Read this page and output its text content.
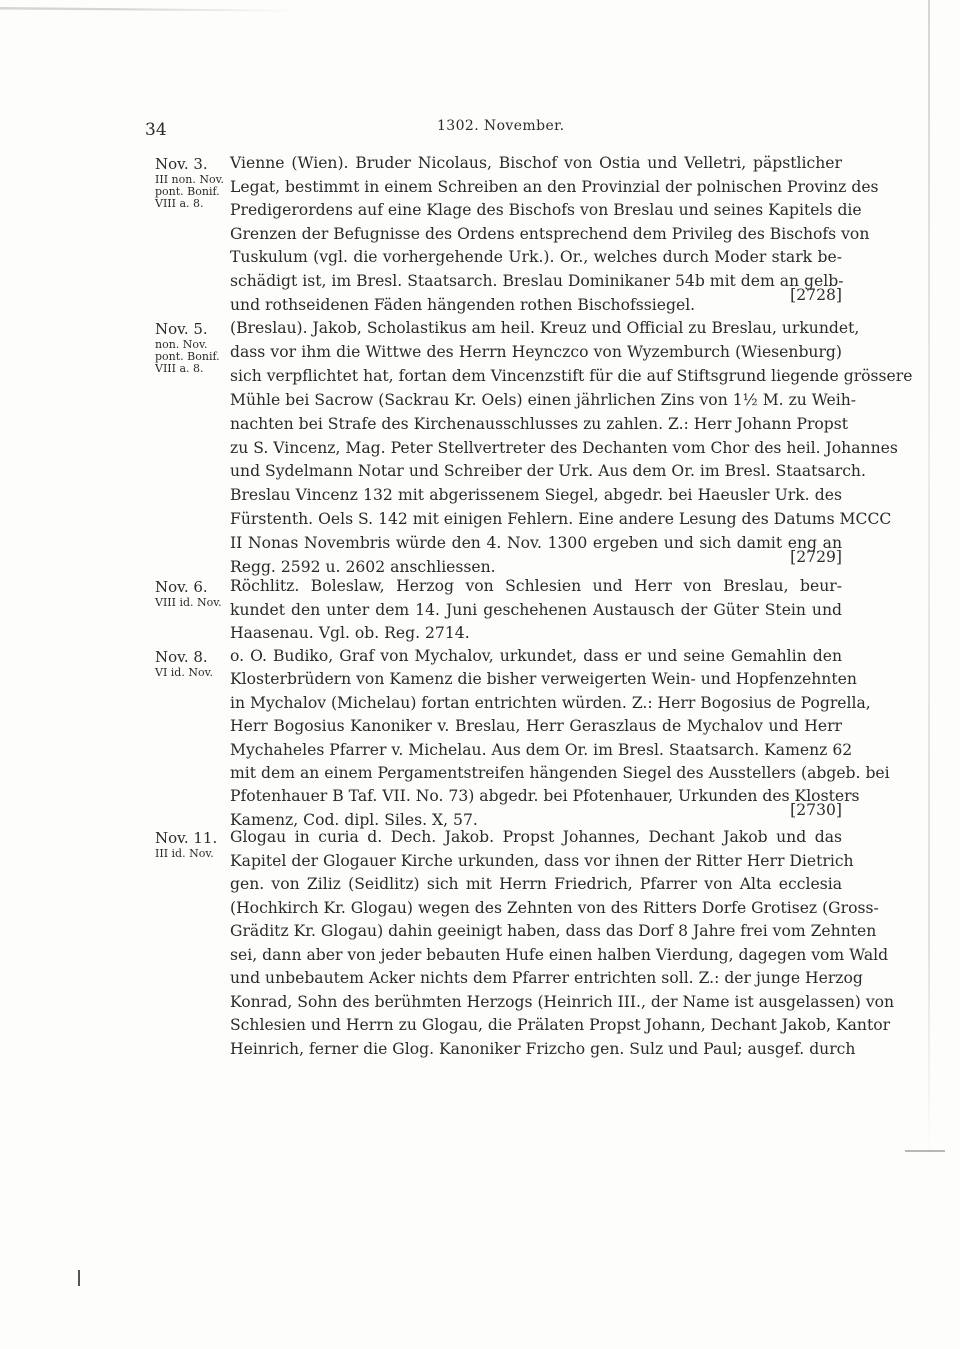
34	1302. November.
Nov. 3.
III non. Nov.
pont. Bonif.
VIII a. 8.
Vienne (Wien). Bruder Nicolaus, Bischof von Ostia und Velletri, päpstlicher
Legat, bestimmt in einem Schreiben an den Provinzial der polnischen Provinz des
Predigerordens auf eine Klage des Bischofs von Breslau und seines Kapitels die
Grenzen der Befugnisse des Ordens entsprechend dem Privileg des Bischofs von
Tuskulum (vgl. die vorhergehende Urk.). Or., welches durch Moder stark be-
schädigt ist, im Bresl. Staatsarch. Breslau Dominikaner 54b mit dem an gelb-
und rothseidenen Fäden hängenden rothen Bischofssiegel.
[2728]
Nov. 5.
non. Nov.
pont. Bonif.
VIII a. 8.
(Breslau). Jakob, Scholastikus am heil. Kreuz und Official zu Breslau, urkundet,
dass vor ihm die Wittwe des Herrn Heynczco von Wyzemburch (Wiesenburg)
sich verpflichtet hat, fortan dem Vincenzstift für die auf Stiftsgrund liegende grössere
Mühle bei Sacrow (Sackrau Kr. Oels) einen jährlichen Zins von 1½ M. zu Weih-
nachten bei Strafe des Kirchenausschlusses zu zahlen. Z.: Herr Johann Propst
zu S. Vincenz, Mag. Peter Stellvertreter des Dechanten vom Chor des heil. Johannes
und Sydelmann Notar und Schreiber der Urk. Aus dem Or. im Bresl. Staatsarch.
Breslau Vincenz 132 mit abgerissenem Siegel, abgedr. bei Haeusler Urk. des
Fürstenth. Oels S. 142 mit einigen Fehlern. Eine andere Lesung des Datums MCCC
II Nonas Novembris würde den 4. Nov. 1300 ergeben und sich damit eng an
Regg. 2592 u. 2602 anschliessen.
[2729]
Nov. 6.
VIII id. Nov.
Röchlitz. Boleslaw, Herzog von Schlesien und Herr von Breslau, beur-
kundet den unter dem 14. Juni geschehenen Austausch der Güter Stein und
Haasenau. Vgl. ob. Reg. 2714.
Nov. 8.
VI id. Nov.
o. O. Budiko, Graf von Mychalov, urkundet, dass er und seine Gemahlin den
Klosterbrüdern von Kamenz die bisher verweigerten Wein- und Hopfenzehnten
in Mychalov (Michelau) fortan entrichten würden. Z.: Herr Bogosius de Pogrella,
Herr Bogosius Kanoniker v. Breslau, Herr Geraszlaus de Mychalov und Herr
Mychaheles Pfarrer v. Michelau. Aus dem Or. im Bresl. Staatsarch. Kamenz 62
mit dem an einem Pergamentstreifen hängenden Siegel des Ausstellers (abgeb. bei
Pfotenhauer B Taf. VII. No. 73) abgedr. bei Pfotenhauer, Urkunden des Klosters
Kamenz, Cod. dipl. Siles. X, 57.
[2730]
Nov. 11.
III id. Nov.
Glogau in curia d. Dech. Jakob. Propst Johannes, Dechant Jakob und das
Kapitel der Glogauer Kirche urkunden, dass vor ihnen der Ritter Herr Dietrich
gen. von Ziliz (Seidlitz) sich mit Herrn Friedrich, Pfarrer von Alta ecclesia
(Hochkirch Kr. Glogau) wegen des Zehnten von des Ritters Dorfe Grotisez (Gross-
Gräditz Kr. Glogau) dahin geeinigt haben, dass das Dorf 8 Jahre frei vom Zehnten
sei, dann aber von jeder bebauten Hufe einen halben Vierdung, dagegen vom Wald
und unbebautem Acker nichts dem Pfarrer entrichten soll. Z.: der junge Herzog
Konrad, Sohn des berühmten Herzogs (Heinrich III., der Name ist ausgelassen) von
Schlesien und Herrn zu Glogau, die Prälaten Propst Johann, Dechant Jakob, Kantor
Heinrich, ferner die Glog. Kanoniker Frizcho gen. Sulz und Paul; ausgef. durch
